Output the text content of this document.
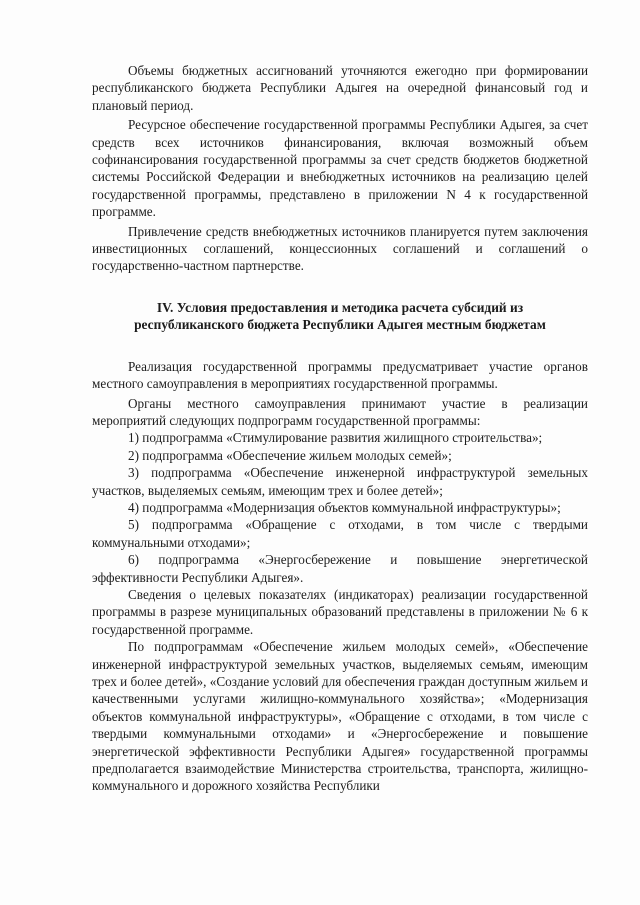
Объемы бюджетных ассигнований уточняются ежегодно при формировании республиканского бюджета Республики Адыгея на очередной финансовый год и плановый период.

Ресурсное обеспечение государственной программы Республики Адыгея, за счет средств всех источников финансирования, включая возможный объем софинансирования государственной программы за счет средств бюджетов бюджетной системы Российской Федерации и внебюджетных источников на реализацию целей государственной программы, представлено в приложении N 4 к государственной программе.

Привлечение средств внебюджетных источников планируется путем заключения инвестиционных соглашений, концессионных соглашений и соглашений о государственно-частном партнерстве.

IV. Условия предоставления и методика расчета субсидий из
республиканского бюджета Республики Адыгея местным бюджетам

Реализация государственной программы предусматривает участие органов местного самоуправления в мероприятиях государственной программы.

Органы местного самоуправления принимают участие в реализации мероприятий следующих подпрограмм государственной программы:

1) подпрограмма «Стимулирование развития жилищного строительства»;

2) подпрограмма «Обеспечение жильем молодых семей»;

3) подпрограмма «Обеспечение инженерной инфраструктурой земельных участков, выделяемых семьям, имеющим трех и более детей»;

4) подпрограмма «Модернизация объектов коммунальной инфраструктуры»;

5) подпрограмма «Обращение с отходами, в том числе с твердыми коммунальными отходами»;

6) подпрограмма «Энергосбережение и повышение энергетической эффективности Республики Адыгея».

Сведения о целевых показателях (индикаторах) реализации государственной программы в разрезе муниципальных образований представлены в приложении № 6 к государственной программе.

По подпрограммам «Обеспечение жильем молодых семей», «Обеспечение инженерной инфраструктурой земельных участков, выделяемых семьям, имеющим трех и более детей», «Создание условий для обеспечения граждан доступным жильем и качественными услугами жилищно-коммунального хозяйства»; «Модернизация объектов коммунальной инфраструктуры», «Обращение с отходами, в том числе с твердыми коммунальными отходами» и «Энергосбережение и повышение энергетической эффективности Республики Адыгея» государственной программы предполагается взаимодействие Министерства строительства, транспорта, жилищно-коммунального и дорожного хозяйства Республики
